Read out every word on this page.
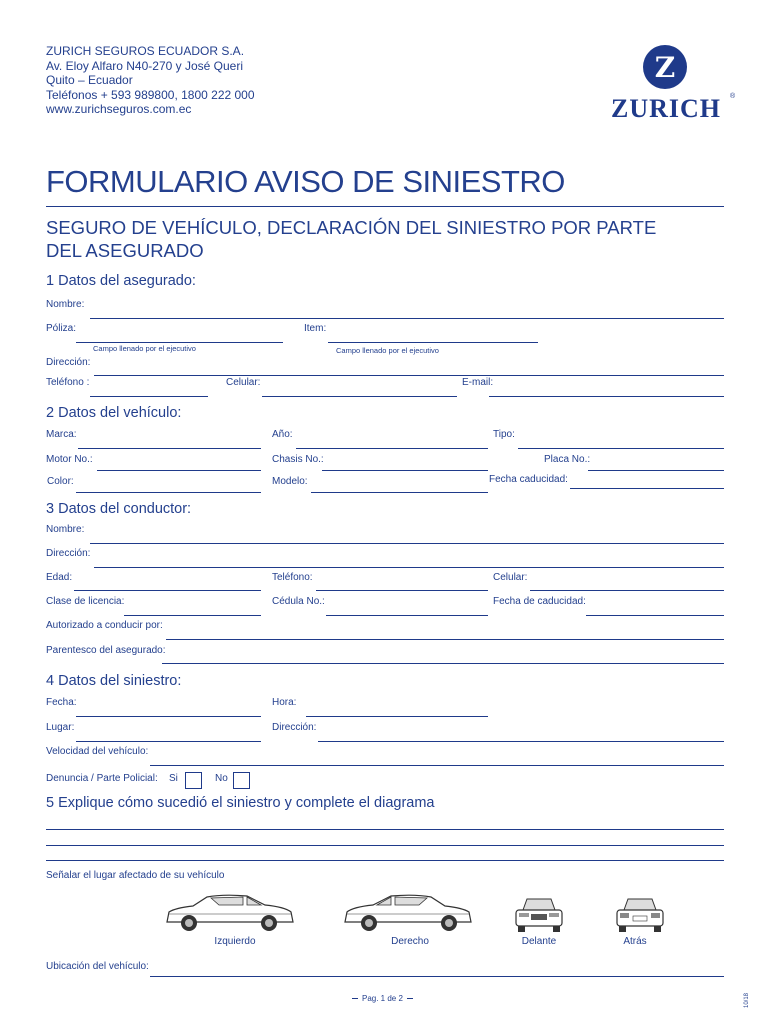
ZURICH SEGUROS ECUADOR S.A.
Av. Eloy Alfaro N40-270 y José Queri
Quito – Ecuador
Teléfonos + 593 989800, 1800 222 000
www.zurichseguros.com.ec
Z
ZURICH ®
FORMULARIO AVISO DE SINIESTRO
SEGURO DE VEHÍCULO, DECLARACIÓN DEL SINIESTRO POR PARTE DEL ASEGURADO
1 Datos del asegurado:
Nombre:
Póliza:	Item:
Campo llenado por el ejecutivo	Campo llenado por el ejecutivo
Dirección:
Teléfono :	Celular:	E-mail:
2 Datos del vehículo:
Marca:	Año:	Tipo:
Motor No.:	Chasis No.:	Placa No.:
Color:	Modelo:	Fecha caducidad:
3 Datos del conductor:
Nombre:
Dirección:
Edad:	Teléfono:	Celular:
Clase de licencia:	Cédula No.:	Fecha de caducidad:
Autorizado a conducir por:
Parentesco del asegurado:
4 Datos del siniestro:
Fecha:	Hora:
Lugar:	Dirección:
Velocidad del vehículo:
Denuncia / Parte Policial: Si	No
5 Explique cómo sucedió el siniestro y complete el diagrama
Señalar el lugar afectado de su vehículo
Izquierdo	Derecho	Delante	Atrás
Ubicación del vehículo:
Pag. 1 de 2	10/18
